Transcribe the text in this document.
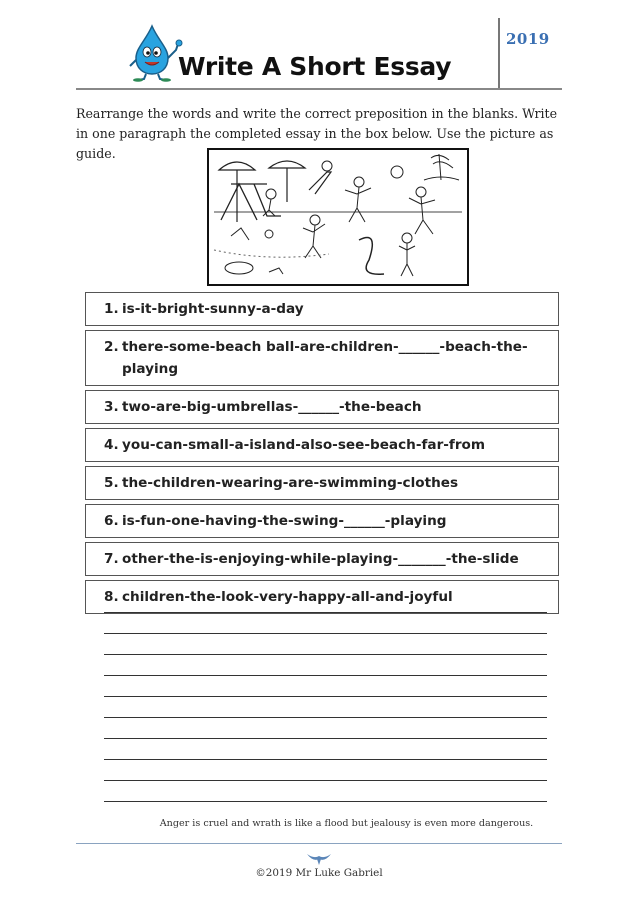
Write A Short Essay
2019
Rearrange the words and write the correct preposition in the blanks. Write in one paragraph the completed essay in the box below. Use the picture as guide.
1. is-it-bright-sunny-a-day
2. there-some-beach ball-are-children-______-beach-the-playing
3. two-are-big-umbrellas-______-the-beach
4. you-can-small-a-island-also-see-beach-far-from
5. the-children-wearing-are-swimming-clothes
6. is-fun-one-having-the-swing-______-playing
7. other-the-is-enjoying-while-playing-_______-the-slide
8. children-the-look-very-happy-all-and-joyful
Anger is cruel and wrath is like a flood but jealousy is even more dangerous.
©2019 Mr Luke Gabriel
